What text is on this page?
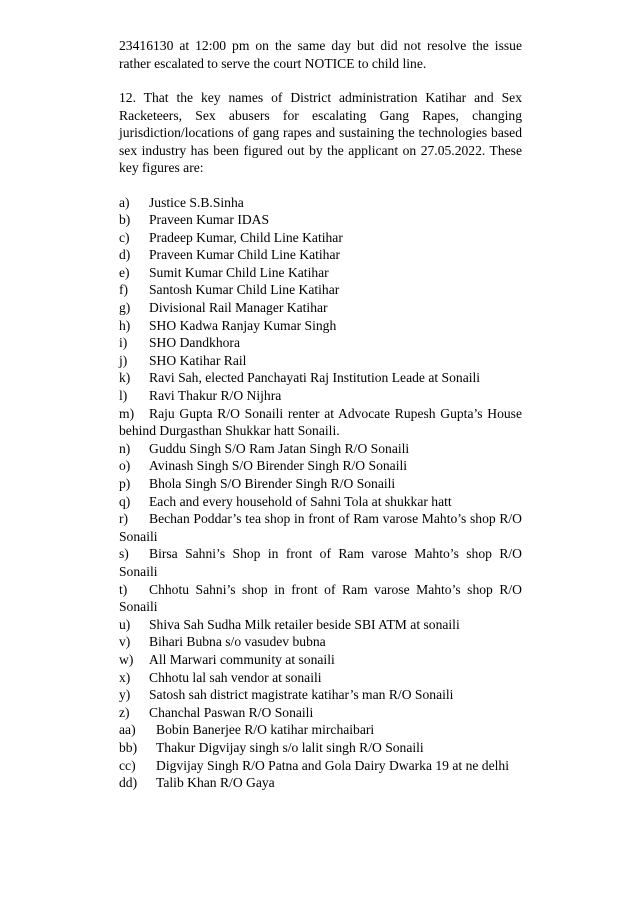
23416130 at 12:00 pm on the same day but did not resolve the issue rather escalated to serve the court NOTICE to child line.

12. That the key names of District administration Katihar and Sex Racketeers, Sex abusers for escalating Gang Rapes, changing jurisdiction/locations of gang rapes and sustaining the technologies based sex industry has been figured out by the applicant on 27.05.2022. These key figures are:

a) Justice S.B.Sinha
b) Praveen Kumar IDAS
c) Pradeep Kumar, Child Line Katihar
d) Praveen Kumar Child Line Katihar
e) Sumit Kumar Child Line Katihar
f) Santosh Kumar Child Line Katihar
g) Divisional Rail Manager Katihar
h) SHO Kadwa Ranjay Kumar Singh
i) SHO Dandkhora
j) SHO Katihar Rail
k) Ravi Sah, elected Panchayati Raj Institution Leade at Sonaili
l) Ravi Thakur R/O Nijhra
m) Raju Gupta R/O Sonaili renter at Advocate Rupesh Gupta’s House behind Durgasthan Shukkar hatt Sonaili.
n) Guddu Singh S/O Ram Jatan Singh R/O Sonaili
o) Avinash Singh S/O Birender Singh R/O Sonaili
p) Bhola Singh S/O Birender Singh R/O Sonaili
q) Each and every household of Sahni Tola at shukkar hatt
r) Bechan Poddar’s tea shop in front of Ram varose Mahto’s shop R/O Sonaili
s) Birsa Sahni’s Shop in front of Ram varose Mahto’s shop R/O Sonaili
t) Chhotu Sahni’s shop in front of Ram varose Mahto’s shop R/O Sonaili
u) Shiva Sah Sudha Milk retailer beside SBI ATM at sonaili
v) Bihari Bubna s/o vasudev bubna
w) All Marwari community at sonaili
x) Chhotu lal sah vendor at sonaili
y) Satosh sah district magistrate katihar’s man R/O Sonaili
z) Chanchal Paswan R/O Sonaili
aa) Bobin Banerjee R/O katihar mirchaibari
bb) Thakur Digvijay singh s/o lalit singh R/O Sonaili
cc) Digvijay Singh R/O Patna and Gola Dairy Dwarka 19 at ne delhi
dd) Talib Khan R/O Gaya
